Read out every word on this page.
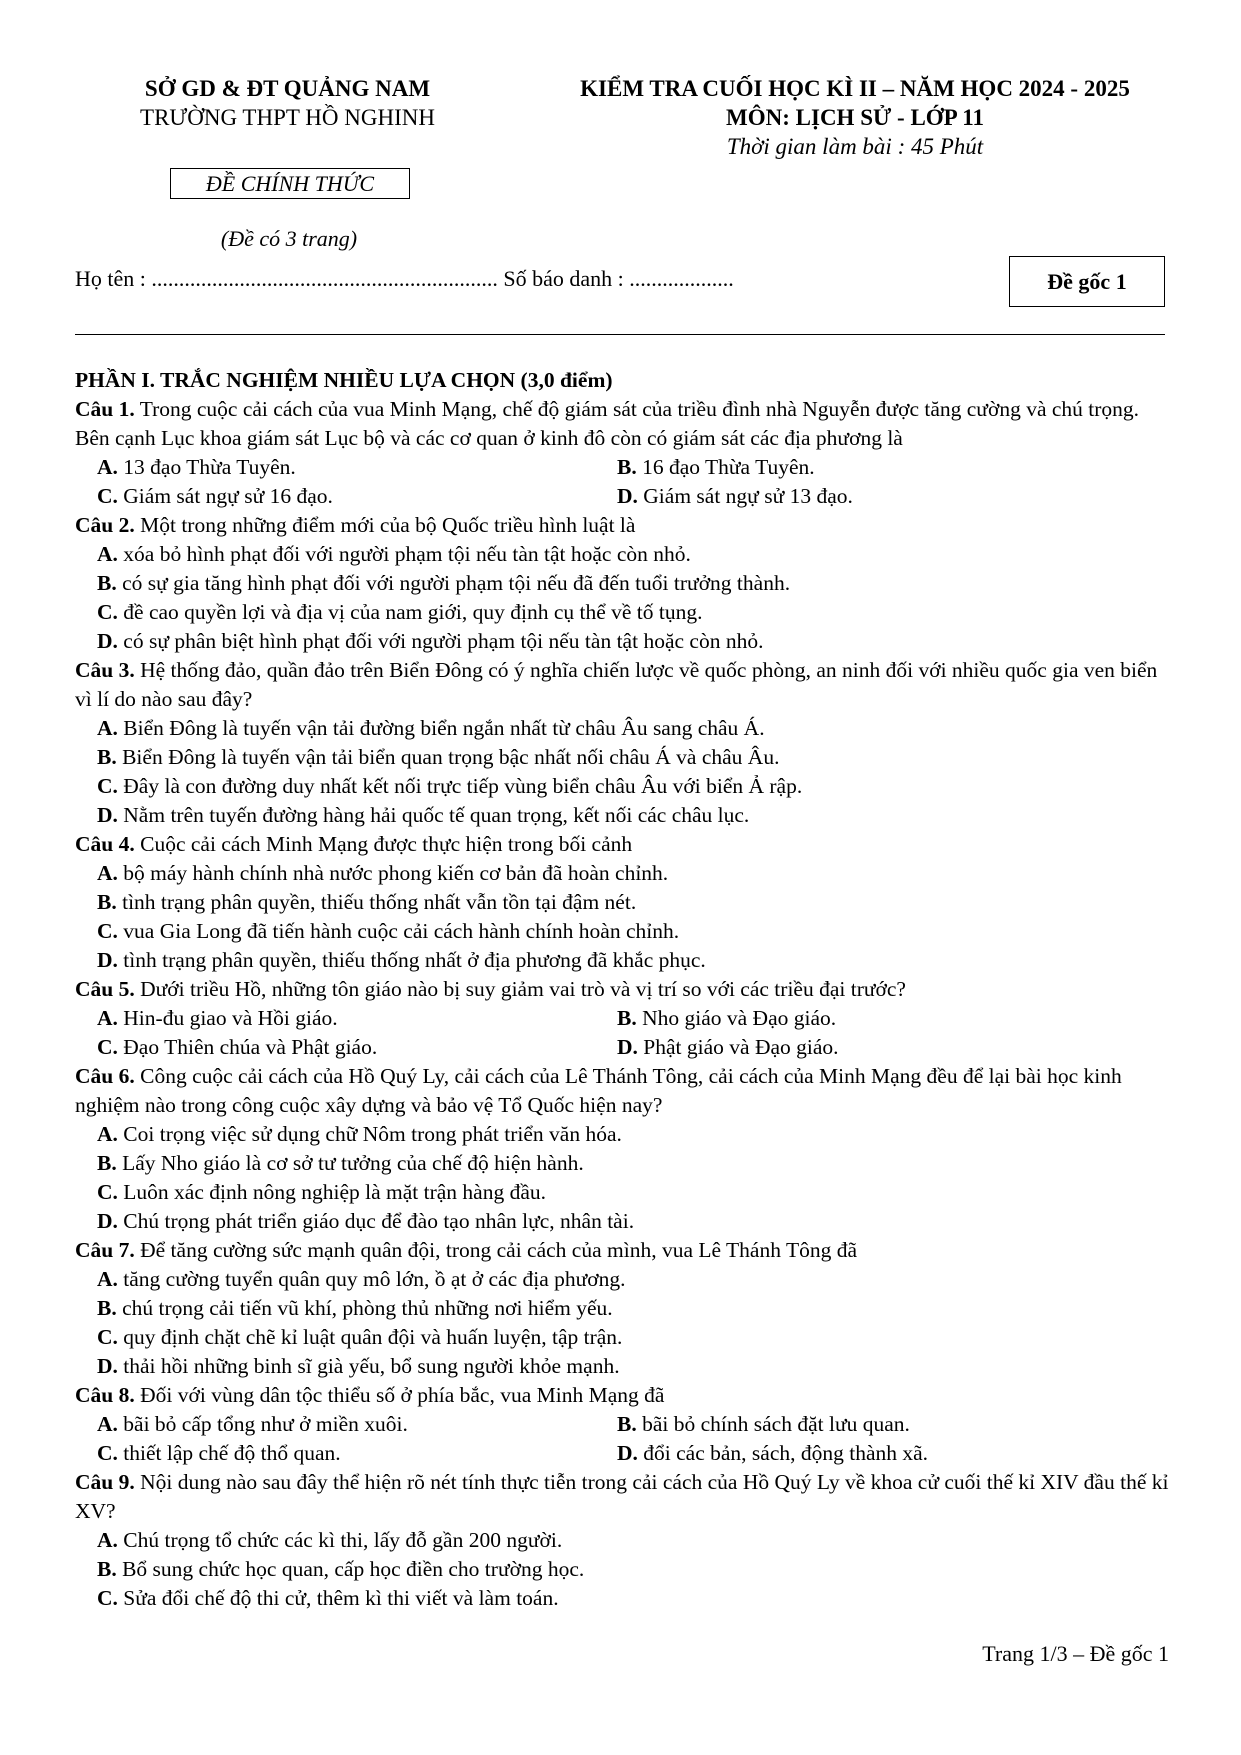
SỞ GD & ĐT QUẢNG NAM
TRƯỜNG THPT HỒ NGHINH
KIỂM TRA CUỐI HỌC KÌ II – NĂM HỌC 2024 - 2025
MÔN: LỊCH SỬ - LỚP 11
Thời gian làm bài : 45 Phút
ĐỀ CHÍNH THỨC
(Đề có 3 trang)
Họ tên : ............................................................... Số báo danh : ...................	Đề gốc 1
PHẦN I. TRẮC NGHIỆM NHIỀU LỰA CHỌN (3,0 điểm)
Câu 1. Trong cuộc cải cách của vua Minh Mạng, chế độ giám sát của triều đình nhà Nguyễn được tăng cường và chú trọng. Bên cạnh Lục khoa giám sát Lục bộ và các cơ quan ở kinh đô còn có giám sát các địa phương là
A. 13 đạo Thừa Tuyên.	B. 16 đạo Thừa Tuyên.
C. Giám sát ngự sử 16 đạo.	D. Giám sát ngự sử 13 đạo.
Câu 2. Một trong những điểm mới của bộ Quốc triều hình luật là
A. xóa bỏ hình phạt đối với người phạm tội nếu tàn tật hoặc còn nhỏ.
B. có sự gia tăng hình phạt đối với người phạm tội nếu đã đến tuổi trưởng thành.
C. đề cao quyền lợi và địa vị của nam giới, quy định cụ thể về tố tụng.
D. có sự phân biệt hình phạt đối với người phạm tội nếu tàn tật hoặc còn nhỏ.
Câu 3. Hệ thống đảo, quần đảo trên Biển Đông có ý nghĩa chiến lược về quốc phòng, an ninh đối với nhiều quốc gia ven biển vì lí do nào sau đây?
A. Biển Đông là tuyến vận tải đường biển ngắn nhất từ châu Âu sang châu Á.
B. Biển Đông là tuyến vận tải biển quan trọng bậc nhất nối châu Á và châu Âu.
C. Đây là con đường duy nhất kết nối trực tiếp vùng biển châu Âu với biển Ả rập.
D. Nằm trên tuyến đường hàng hải quốc tế quan trọng, kết nối các châu lục.
Câu 4. Cuộc cải cách Minh Mạng được thực hiện trong bối cảnh
A. bộ máy hành chính nhà nước phong kiến cơ bản đã hoàn chỉnh.
B. tình trạng phân quyền, thiếu thống nhất vẫn tồn tại đậm nét.
C. vua Gia Long đã tiến hành cuộc cải cách hành chính hoàn chỉnh.
D. tình trạng phân quyền, thiếu thống nhất ở địa phương đã khắc phục.
Câu 5. Dưới triều Hồ, những tôn giáo nào bị suy giảm vai trò và vị trí so với các triều đại trước?
A. Hin-đu giao và Hồi giáo.	B. Nho giáo và Đạo giáo.
C. Đạo Thiên chúa và Phật giáo.	D. Phật giáo và Đạo giáo.
Câu 6. Công cuộc cải cách của Hồ Quý Ly, cải cách của Lê Thánh Tông, cải cách của Minh Mạng đều để lại bài học kinh nghiệm nào trong công cuộc xây dựng và bảo vệ Tổ Quốc hiện nay?
A. Coi trọng việc sử dụng chữ Nôm trong phát triển văn hóa.
B. Lấy Nho giáo là cơ sở tư tưởng của chế độ hiện hành.
C. Luôn xác định nông nghiệp là mặt trận hàng đầu.
D. Chú trọng phát triển giáo dục để đào tạo nhân lực, nhân tài.
Câu 7. Để tăng cường sức mạnh quân đội, trong cải cách của mình, vua Lê Thánh Tông đã
A. tăng cường tuyển quân quy mô lớn, ồ ạt ở các địa phương.
B. chú trọng cải tiến vũ khí, phòng thủ những nơi hiểm yếu.
C. quy định chặt chẽ kỉ luật quân đội và huấn luyện, tập trận.
D. thải hồi những binh sĩ già yếu, bổ sung người khỏe mạnh.
Câu 8. Đối với vùng dân tộc thiểu số ở phía bắc, vua Minh Mạng đã
A. bãi bỏ cấp tổng như ở miền xuôi.	B. bãi bỏ chính sách đặt lưu quan.
C. thiết lập chế độ thổ quan.	D. đổi các bản, sách, động thành xã.
Câu 9. Nội dung nào sau đây thể hiện rõ nét tính thực tiễn trong cải cách của Hồ Quý Ly về khoa cử cuối thế kỉ XIV đầu thế kỉ XV?
A. Chú trọng tổ chức các kì thi, lấy đỗ gần 200 người.
B. Bổ sung chức học quan, cấp học điền cho trường học.
C. Sửa đổi chế độ thi cử, thêm kì thi viết và làm toán.
Trang 1/3 – Đề gốc 1
